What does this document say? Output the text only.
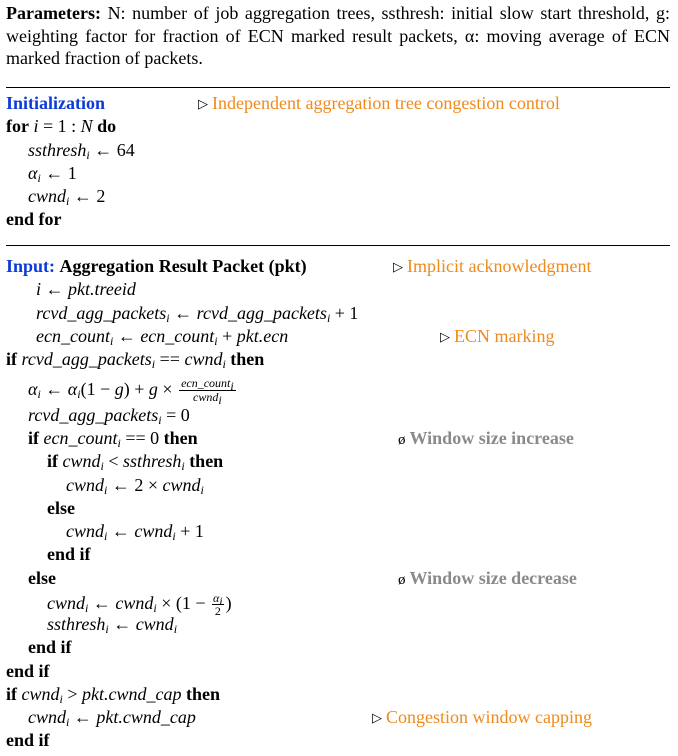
Parameters: N: number of job aggregation trees, ssthresh: initial slow start threshold, g: weighting factor for fraction of ECN marked result packets, α: moving average of ECN marked fraction of packets.
Initialization	▷ Independent aggregation tree congestion control
for i = 1 : N do
ssthresh$_i$ ← 64
$\alpha_i$ ← 1
cwnd$_i$ ← 2
end for
Input: Aggregation Result Packet (pkt)	▷ Implicit acknowledgment
i ← pkt.treeid
rcvd_agg_packets$_i$ ← rcvd_agg_packets$_i$ + 1
ecn_count$_i$ ← ecn_count$_i$ + pkt.ecn	▷ ECN marking
if rcvd_agg_packets$_i$ == cwnd$_i$ then
$\alpha_i$ ← $\alpha_i(1 - g) + g \times \frac{ecn\_count_i}{cwnd_i}$
rcvd_agg_packets$_i$ = 0
if ecn_count$_i$ == 0 then	ø Window size increase
if cwnd$_i$ < ssthresh$_i$ then
cwnd$_i$ ← 2 × cwnd$_i$
else
cwnd$_i$ ← cwnd$_i$ + 1
end if
else	ø Window size decrease
cwnd$_i$ ← cwnd$_i$ × ($1 - \frac{\alpha_i}{2}$ )
ssthresh$_i$ ← cwnd$_i$
end if
end if
if cwnd$_i$ > pkt.cwnd_cap then
cwnd$_i$ ← pkt.cwnd_cap	▷ Congestion window capping
end if
